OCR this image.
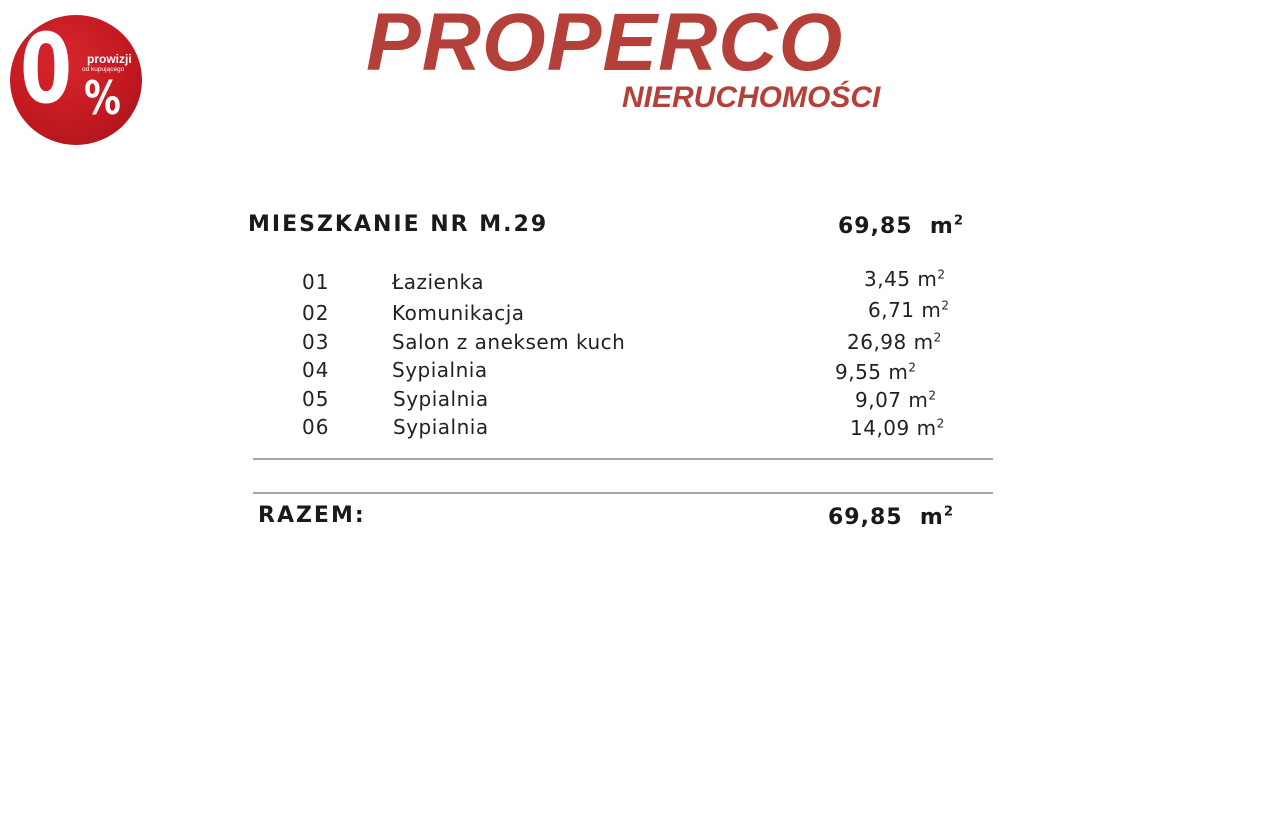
0 prowizji
od kupującego
%
PROPERCO
NIERUCHOMOŚCI
MIESZKANIE NR M.29	69,85 $m^2$
01	Łazienka	3,45 $m^2$
02	Komunikacja	6,71 $m^2$
03	Salon z aneksem kuch	26,98 $m^2$
04	Sypialnia	9,55 $m^2$
05	Sypialnia	9,07 $m^2$
06	Sypialnia	14,09 $m^2$
RAZEM:	69,85 $m^2$
